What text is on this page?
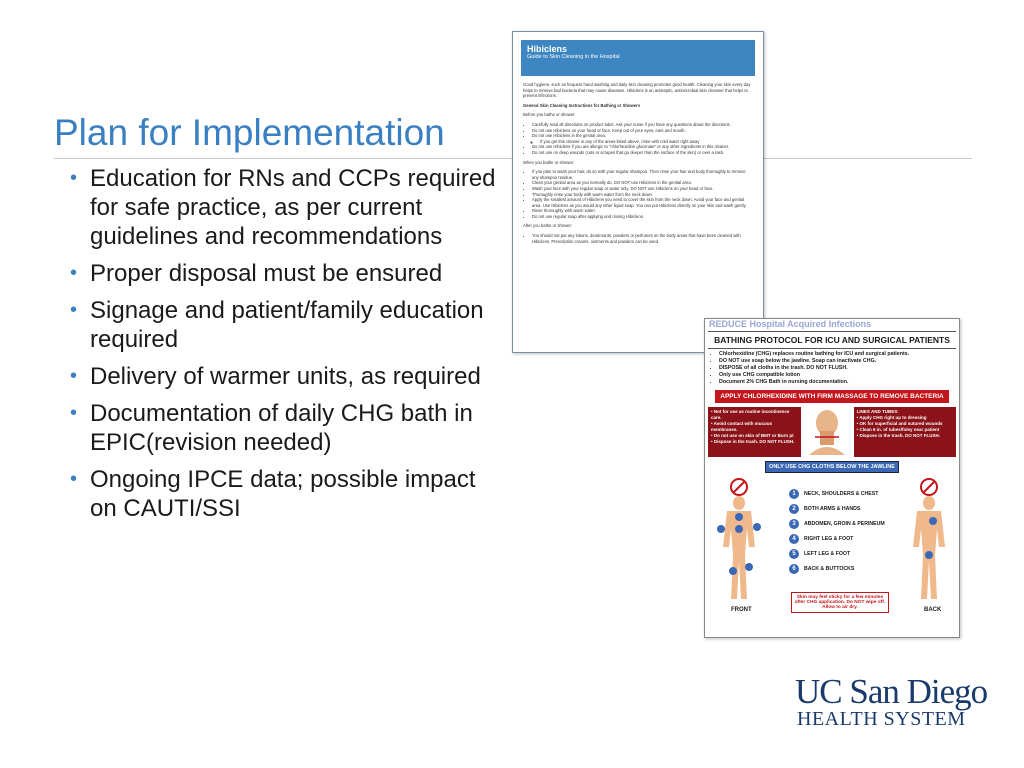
Plan for Implementation
• Education for RNs and CCPs required for safe practice, as per current guidelines and recommendations
• Proper disposal must be ensured
• Signage and patient/family education required
• Delivery of warmer units, as required
• Documentation of daily CHG bath in EPIC(revision needed)
• Ongoing IPCE data; possible impact on CAUTI/SSI
Hibiclens
Guide to Skin Cleaning in the Hospital

Good hygiene, such as frequent hand washing and daily skin cleaning promotes good health. Cleaning your skin every day helps to remove bad bacteria that may cause diseases. Hibiclens is an antiseptic, antimicrobial skin cleanser that helps to prevent infections.

General Skin Cleaning Instructions for Bathing or Showers

Before you bathe or shower:

• Carefully read all directions on product label. Ask your nurse if you have any questions about the directions.
• Do not use Hibiclens on your head or face. Keep out of your eyes, ears and mouth.
• Do not use Hibiclens in the genital area.
◦ If you get this cleaner in any of the areas listed above, rinse with cold water right away
• Do not use Hibiclens if you are allergic to "chlorhexidine gluconate" or any other ingredients in this cleaner.
• Do not use on deep wounds (cuts or scrapes that go deeper than the surface of the skin) or over a rash.

When you bathe or shower:

• If you plan to wash your hair, do so with your regular shampoo. Then rinse your hair and body thoroughly to remove any shampoo residue.
• Clean your genital area as you normally do. DO NOT use Hibiclens in the genital area.
• Wash your face with your regular soap or water only. DO NOT use Hibiclens on your head or face.
• Thoroughly rinse your body with warm water from the neck down.
• Apply the smallest amount of Hibiclens you need to cover the skin from the neck down. Avoid your face and genital area. Use Hibiclens as you would any other liquid soap. You can put Hibiclens directly on your skin and wash gently.
• Rinse thoroughly with warm water.
• Do not use regular soap after applying and rinsing Hibiclens.

After you bathe or shower:

• You should not put any lotions, deodorants, powders or perfumes on the body areas that have been cleaned with Hibiclens. Prescription creams, ointments and powders can be used.
REDUCE Hospital Acquired Infections
BATHING PROTOCOL FOR ICU AND SURGICAL PATIENTS
• Chlorhexidine (CHG) replaces routine bathing for ICU and surgical patients.
• DO NOT use soap below the jawline. Soap can inactivate CHG.
• DISPOSE of all cloths in the trash. DO NOT FLUSH.
• Only use CHG compatible lotion
• Document 2% CHG Bath in nursing documentation.
APPLY CHLORHEXIDINE WITH FIRM MASSAGE TO REMOVE BACTERIA
• Not for use as routine incontinence care.
• Avoid contact with mucous membranes.
• Do not use on skin of BMT or Burn pt
• Dispose in the trash. DO NOT FLUSH.
LINES AND TUBES:
• Apply CHG right up to dressing
• OK for superficial and sutured wounds
• Clean 6 in. of tubes/foley near patient
• Dispose in the trash. DO NOT FLUSH.
ONLY USE CHG CLOTHS BELOW THE JAWLINE
1	NECK, SHOULDERS & CHEST
2	BOTH ARMS & HANDS
3	ABDOMEN, GROIN & PERINEUM
4	RIGHT LEG & FOOT
5	LEFT LEG & FOOT
6	BACK & BUTTOCKS
Skin may feel sticky for a few minutes after CHG application. Do NOT wipe off. Allow to air dry.
FRONT	BACK
UC San Diego
HEALTH SYSTEM
